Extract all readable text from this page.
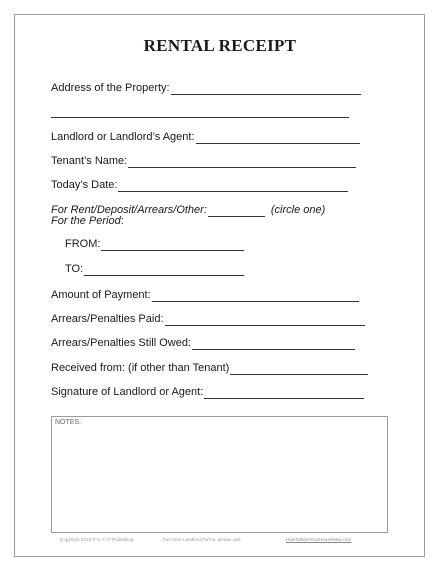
RENTAL RECEIPT
Address of the Property:
Landlord or Landlord’s Agent:
Tenant’s Name:
Today’s Date:
For Rent/Deposit/Arrears/Other:	(circle one)
For the Period :
FROM:
TO:
Amount of Payment:
Arrears/Penalties Paid:
Arrears/Penalties Still Owed:
Received from: (if other than Tenant)
Signature of Landlord or Agent:
NOTES:
Copyright 2013 ® C.Y.I.P Publishing	For more Landlord Forms, please visit:	HowToRentYourHouseNew.com
